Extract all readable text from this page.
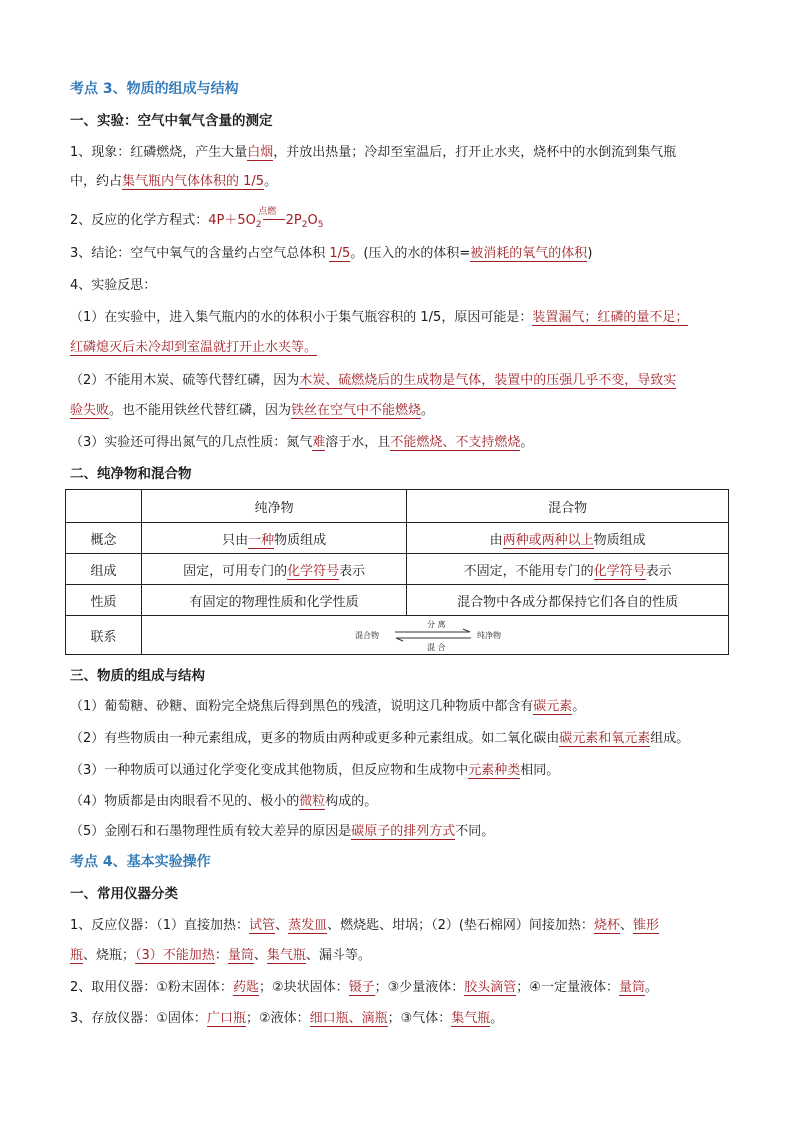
考点 3、物质的组成与结构
一、实验：空气中氧气含量的测定
1、现象：红磷燃烧，产生大量白烟，并放出热量；冷却至室温后，打开止水夹，烧杯中的水倒流到集气瓶
中，约占集气瓶内气体体积的 1/5。
2、反应的化学方程式：$4P+5O_2$
点燃
$2P_2O_5$
3、结论：空气中氧气的含量约占空气总体积 1/5。(压入的水的体积=被消耗的氧气的体积)
4、实验反思：
（1）在实验中，进入集气瓶内的水的体积小于集气瓶容积的 1/5，原因可能是：装置漏气；红磷的量不足；
红磷熄灭后未冷却到室温就打开止水夹等。
（2）不能用木炭、硫等代替红磷，因为木炭、硫燃烧后的生成物是气体，装置中的压强几乎不变，导致实
验失败。也不能用铁丝代替红磷，因为铁丝在空气中不能燃烧。
（3）实验还可得出氮气的几点性质：氮气难溶于水，且不能燃烧、不支持燃烧。
二、纯净物和混合物
	纯净物	混合物
概念	只由一种物质组成	由两种或两种以上物质组成
组成	固定，可用专门的化学符号表示	不固定，不能用专门的化学符号表示
性质	有固定的物理性质和化学性质	混合物中各成分都保持它们各自的性质
联系	混合物
分 离
纯净物
混 合	
三、物质的组成与结构
（1）葡萄糖、砂糖、面粉完全烧焦后得到黑色的残渣，说明这几种物质中都含有碳元素。
（2）有些物质由一种元素组成，更多的物质由两种或更多种元素组成。如二氧化碳由碳元素和氧元素组成。
（3）一种物质可以通过化学变化变成其他物质，但反应物和生成物中元素种类相同。
（4）物质都是由肉眼看不见的、极小的微粒构成的。
（5）金刚石和石墨物理性质有较大差异的原因是碳原子的排列方式不同。
考点 4、基本实验操作
一、常用仪器分类
1、反应仪器：（1）直接加热：试管、蒸发皿、燃烧匙、坩埚；（2）(垫石棉网）间接加热：烧杯、锥形
瓶、烧瓶；（3）不能加热：量筒、集气瓶、漏斗等。
2、取用仪器：①粉末固体：药匙；②块状固体：镊子；③少量液体：胶头滴管；④一定量液体：量筒。
3、存放仪器：①固体：广口瓶；②液体：细口瓶、滴瓶；③气体：集气瓶。
